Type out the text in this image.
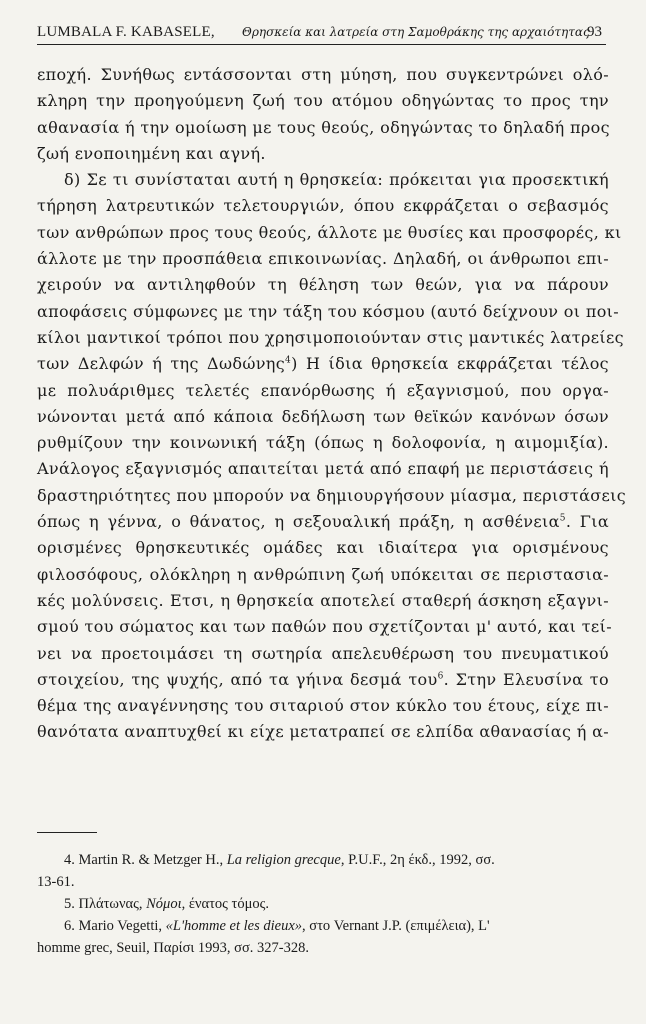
LUMBALA F. KABASELE, Θρησκεία και λατρεία στη Σαμοθράκης της αρχαιότητας
93
εποχή. Συνήθως εντάσσονται στη μύηση, που συγκεντρώνει ολό-
κληρη την προηγούμενη ζωή του ατόμου οδηγώντας το προς την
αθανασία ή την ομοίωση με τους θεούς, οδηγώντας το δηλαδή προς
ζωή ενοποιημένη και αγνή.
δ) Σε τι συνίσταται αυτή η θρησκεία: πρόκειται για προσεκτική
τήρηση λατρευτικών τελετουργιών, όπου εκφράζεται ο σεβασμός
των ανθρώπων προς τους θεούς, άλλοτε με θυσίες και προσφορές, κι
άλλοτε με την προσπάθεια επικοινωνίας. Δηλαδή, οι άνθρωποι επι-
χειρούν να αντιληφθούν τη θέληση των θεών, για να πάρουν
αποφάσεις σύμφωνες με την τάξη του κόσμου (αυτό δείχνουν οι ποι-
κίλοι μαντικοί τρόποι που χρησιμοποιούνταν στις μαντικές λατρείες
των Δελφών ή της Δωδώνης$^4$) Η ίδια θρησκεία εκφράζεται τέλος
με πολυάριθμες τελετές επανόρθωσης ή εξαγνισμού, που οργα-
νώνονται μετά από κάποια δεδήλωση των θεϊκών κανόνων όσων
ρυθμίζουν την κοινωνική τάξη (όπως η δολοφονία, η αιμομιξία).
Ανάλογος εξαγνισμός απαιτείται μετά από επαφή με περιστάσεις ή
δραστηριότητες που μπορούν να δημιουργήσουν μίασμα, περιστάσεις
όπως η γέννα, ο θάνατος, η σεξουαλική πράξη, η ασθένεια$^5$. Για
ορισμένες θρησκευτικές ομάδες και ιδιαίτερα για ορισμένους
φιλοσόφους, ολόκληρη η ανθρώπινη ζωή υπόκειται σε περιστασια-
κές μολύνσεις. Ετσι, η θρησκεία αποτελεί σταθερή άσκηση εξαγνι-
σμού του σώματος και των παθών που σχετίζονται μ' αυτό, και τεί-
νει να προετοιμάσει τη σωτηρία απελευθέρωση του πνευματικού
στοιχείου, της ψυχής, από τα γήινα δεσμά του$^6$. Στην Ελευσίνα το
θέμα της αναγέννησης του σιταριού στον κύκλο του έτους, είχε πι-
θανότατα αναπτυχθεί κι είχε μετατραπεί σε ελπίδα αθανασίας ή α-
4. Martin R. & Metzger H., La religion grecque, P.U.F., 2η έκδ., 1992, σσ.
13-61.
5. Πλάτωνας, Νόμοι, ένατος τόμος.
6. Mario Vegetti, «L'homme et les dieux», στο Vernant J.P. (επιμέλεια), L'
homme grec, Seuil, Παρίσι 1993, σσ. 327-328.
